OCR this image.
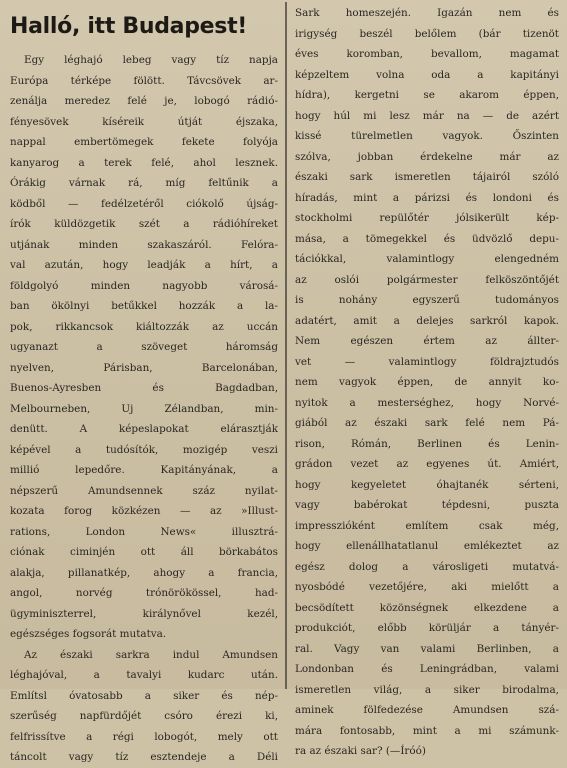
Halló, itt Budapest!
Egy léghajó lebeg vagy tíz napja
Európa térképe fölött. Távcsövek ar-
zenálja meredez felé je, lobogó rádió-
fényesövek kíséreik útját éjszaka,
nappal embertömegek fekete folyója
kanyarog a terek felé, ahol lesznek.
Órákig várnak rá, míg feltűnik a
ködből — fedélzetéről ciókolő újság-
írók küldözgetik szét a rádióhíreket
utjának minden szakaszáról. Felóra-
val azután, hogy leadják a hírt, a
földgolyó minden nagyobb városá-
ban ökölnyi betűkkel hozzák a la-
pok, rikkancsok kiáltozzák az uccán
ugyanazt a szöveget háromság
nyelven, Párisban, Barcelonában,
Buenos-Ayresben és Bagdadban,
Melbourneben, Uj Zélandban, min-
denütt. A képeslapokat elárasztják
képével a tudósítók, mozigép veszi
millió lepedőre. Kapitányának, a
népszerű Amundsennek száz nyilat-
kozata forog közkézen — az »Illust-
rations, London News« illusztrá-
ciónak ciminjén ott áll börkabátos
alakja, pillanatkép, ahogy a francia,
angol, norvég trónörökössel, had-
ügyminiszterrel, királynővel kezél,
egészséges fogsorát mutatva.
Az északi sarkra indul Amundsen
léghajóval, a tavalyi kudarc után.
Említsl óvatosabb a siker és nép-
szerűség napfürdőjét csóro érezi ki,
felfrissítve a régi lobogót, mely ott
táncolt vagy tíz esztendeje a Déli
Sark homeszején. Igazán nem és
irigység beszél belőlem (bár tizenöt
éves koromban, bevallom, magamat
képzeltem volna oda a kapitányi
hídra), kergetni se akarom éppen,
hogy húl mi lesz már na — de azért
kissé türelmetlen vagyok. Őszinten
szólva, jobban érdekelne már az
északi sark ismeretlen tájairól szóló
híradás, mint a párizsi és londoni és
stockholmi repülőtér jólsikerült kép-
mása, a tömegekkel és üdvözlő depu-
tációkkal, valamintlogy elengedném
az oslói polgármester felköszöntőjét
is nohány egyszerű tudományos
adatért, amit a delejes sarkról kapok.
Nem egészen értem az állter-
vet — valamintlogy földrajztudós
nem vagyok éppen, de annyit ko-
nyitok a mesterséghez, hogy Norvé-
giából az északi sark felé nem Pá-
rison, Rómán, Berlinen és Lenin-
grádon vezet az egyenes út. Amiért,
hogy kegyeletet óhajtanék sérteni,
vagy babérokat tépdesni, puszta
impresszióként említem csak még,
hogy ellenállhatatlanul emlékeztet az
egész dolog a városligeti mutatvá-
nyosbódé vezetőjére, aki mielőtt a
becsödített közönségnek elkezdene a
produkciót, előbb körüljár a tányér-
ral. Vagy van valami Berlinben, a
Londonban és Leningrádban, valami
ismeretlen világ, a siker birodalma,
aminek fölfedezése Amundsen szá-
mára fontosabb, mint a mi számunk-
ra az északi sar? (—Íróó)
